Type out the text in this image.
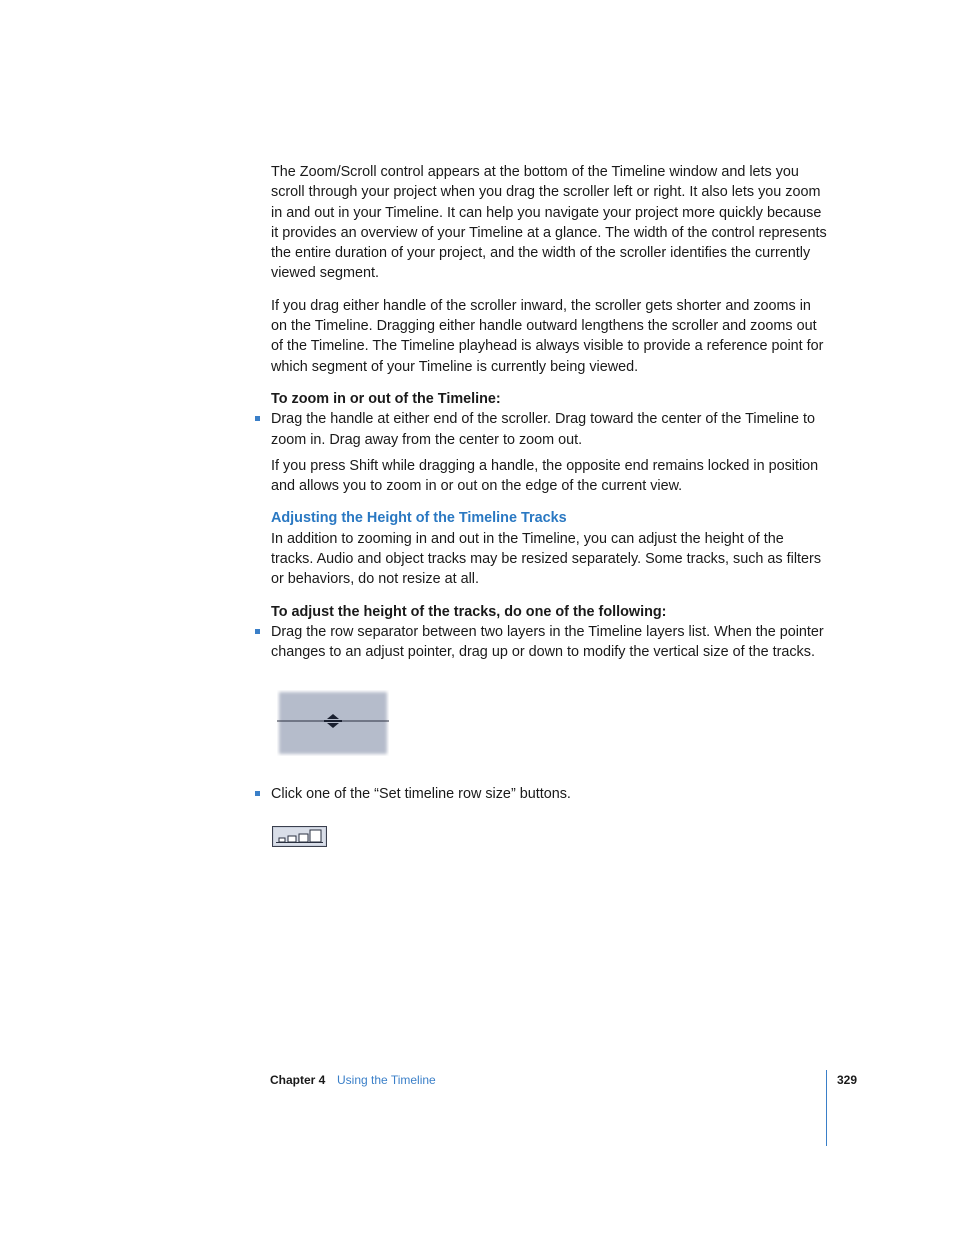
The Zoom/Scroll control appears at the bottom of the Timeline window and lets you scroll through your project when you drag the scroller left or right. It also lets you zoom in and out in your Timeline. It can help you navigate your project more quickly because it provides an overview of your Timeline at a glance. The width of the control represents the entire duration of your project, and the width of the scroller identifies the currently viewed segment.

If you drag either handle of the scroller inward, the scroller gets shorter and zooms in on the Timeline. Dragging either handle outward lengthens the scroller and zooms out of the Timeline. The Timeline playhead is always visible to provide a reference point for which segment of your Timeline is currently being viewed.

To zoom in or out of the Timeline:

Drag the handle at either end of the scroller. Drag toward the center of the Timeline to zoom in. Drag away from the center to zoom out.

If you press Shift while dragging a handle, the opposite end remains locked in position and allows you to zoom in or out on the edge of the current view.

Adjusting the Height of the Timeline Tracks

In addition to zooming in and out in the Timeline, you can adjust the height of the tracks. Audio and object tracks may be resized separately. Some tracks, such as filters or behaviors, do not resize at all.

To adjust the height of the tracks, do one of the following:

Drag the row separator between two layers in the Timeline layers list. When the pointer changes to an adjust pointer, drag up or down to modify the vertical size of the tracks.

Click one of the “Set timeline row size” buttons.

Chapter 4 Using the Timeline	329
